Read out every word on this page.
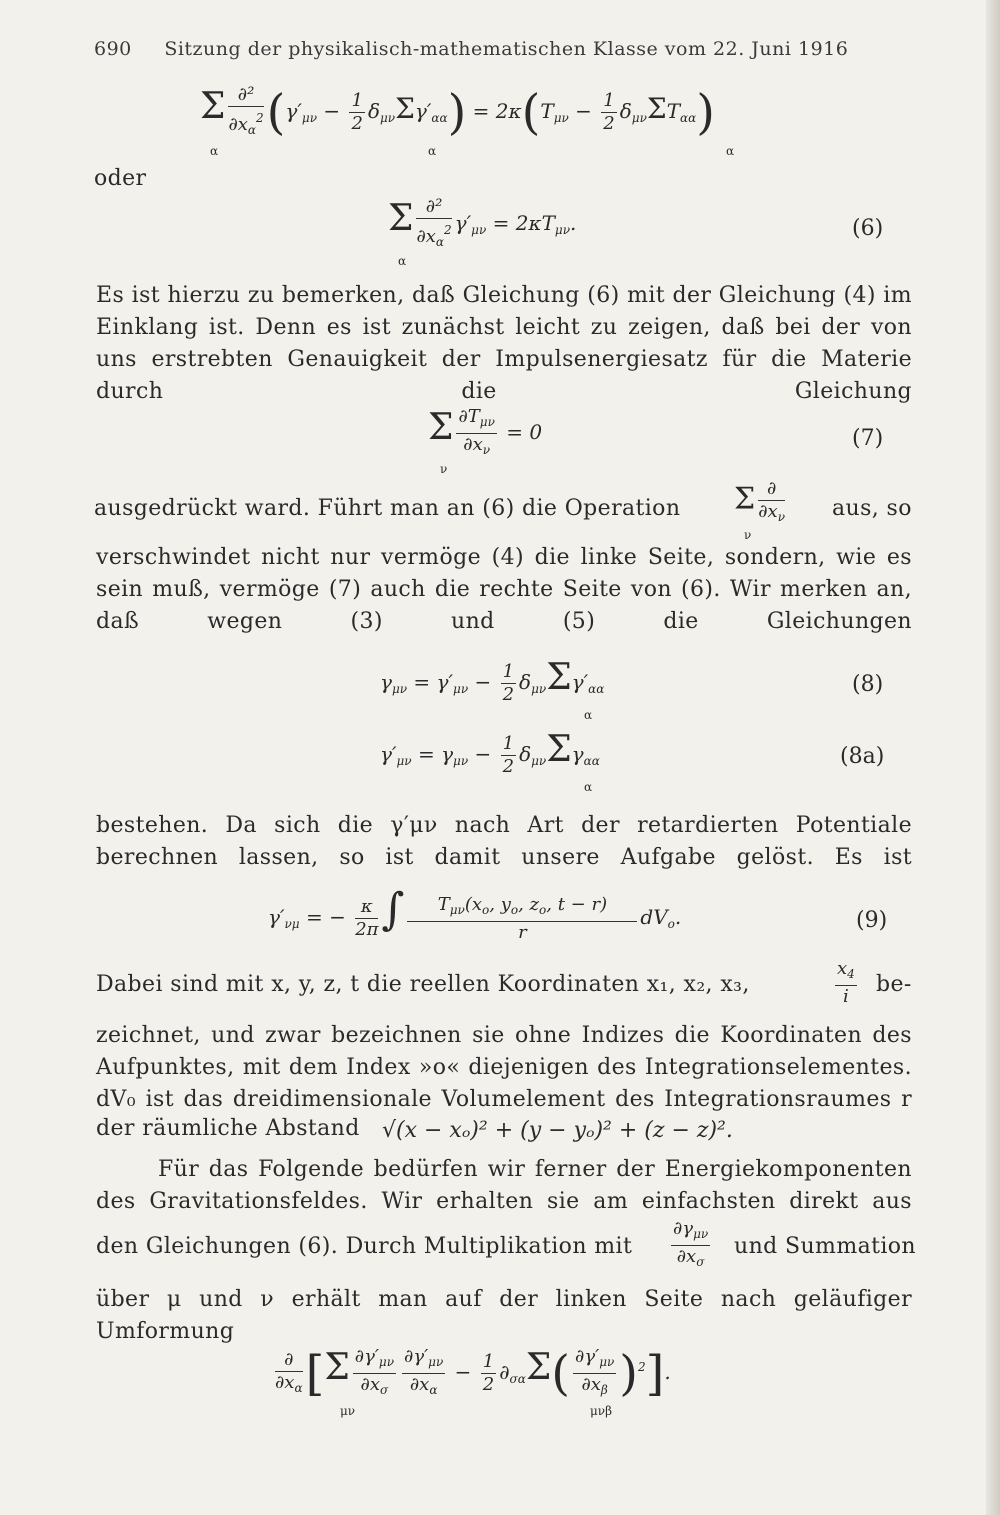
690 Sitzung der physikalisch-mathematischen Klasse vom 22. Juni 1916
Σ $\frac{\text{∂²}}{\partial x_\alpha^2} (\gamma'_{\mu\nu} - \frac{1}{2} \delta_{\mu\nu}\Sigma\gamma'_{\alpha\alpha}) = 2\kappa(T_{\mu\nu} - \frac{1}{2} \delta_{\mu\nu}\Sigma T_{\alpha\alpha})$
α	α	α
oder
Σ $\frac{\text{∂²}}{\partial x_\alpha^2} \gamma'_{\mu\nu} = 2\kappa T_{\mu\nu}$.
α
(6)
Es ist hierzu zu bemerken, daß Gleichung (6) mit der Gleichung (4) im Einklang ist. Denn es ist zunächst leicht zu zeigen, daß bei der von uns erstrebten Genauigkeit der Impulsenergiesatz für die Materie durch die Gleichung
Σ $\frac{\partial T_{\mu\nu}}{\partial x_\nu} = 0$
ν
(7)
ausgedrückt ward. Führt man an (6) die Operation Σ $\frac{\partial}{\partial x_\nu}$
ν
aus, so
verschwindet nicht nur vermöge (4) die linke Seite, sondern, wie es sein muß, vermöge (7) auch die rechte Seite von (6). Wir merken an, daß wegen (3) und (5) die Gleichungen
$\gamma_{\mu\nu} = \gamma'_{\mu\nu} - \frac{1}{2} \delta_{\mu\nu}\Sigma\gamma'_{\alpha\alpha}$
α
(8)
$\gamma'_{\mu\nu} = \gamma_{\mu\nu} - \frac{1}{2} \delta_{\mu\nu}\Sigma\gamma_{\alpha\alpha}$
α
(8a)
bestehen. Da sich die γ′μν nach Art der retardierten Potentiale berechnen lassen, so ist damit unsere Aufgabe gelöst. Es ist
$\gamma'_{\nu\mu}$ = − $\frac{\kappa}{2\pi}$ ∫ $\frac{T_{\mu\nu}(x_o, y_o, z_o, t - r)}{r} dV_o$.	(9)
Dabei sind mit x, y, z, t die reellen Koordinaten x₁, x₂, x₃,	$\frac{x_4}{i} be-$
zeichnet, und zwar bezeichnen sie ohne Indizes die Koordinaten des Aufpunktes, mit dem Index »o« diejenigen des Integrationselementes. dV₀ ist das dreidimensionale Volumelement des Integrationsraumes r
der räumliche Abstand √(x − xₒ)² + (y − yₒ)² + (z − z)².
Für das Folgende bedürfen wir ferner der Energiekomponenten des Gravitationsfeldes. Wir erhalten sie am einfachsten direkt aus
den Gleichungen (6). Durch Multiplikation mit $\frac{\partial\gamma_{\mu\nu}}{\partial x_\sigma}$ und Summation
über μ und ν erhält man auf der linken Seite nach geläufiger Umformung
$\frac{\partial}{\partial x_\alpha} [\Sigma \frac{\partial\gamma'_{\mu\nu}}{\partial x_\sigma} \frac{\partial\gamma'_{\mu\nu}}{\partial x_\alpha} - \frac{1}{2} \partial_{\sigma\alpha}\Sigma( \frac{\partial\gamma'_{\mu\nu}}{\partial x_\beta} )^2]$.
μν	μνβ
